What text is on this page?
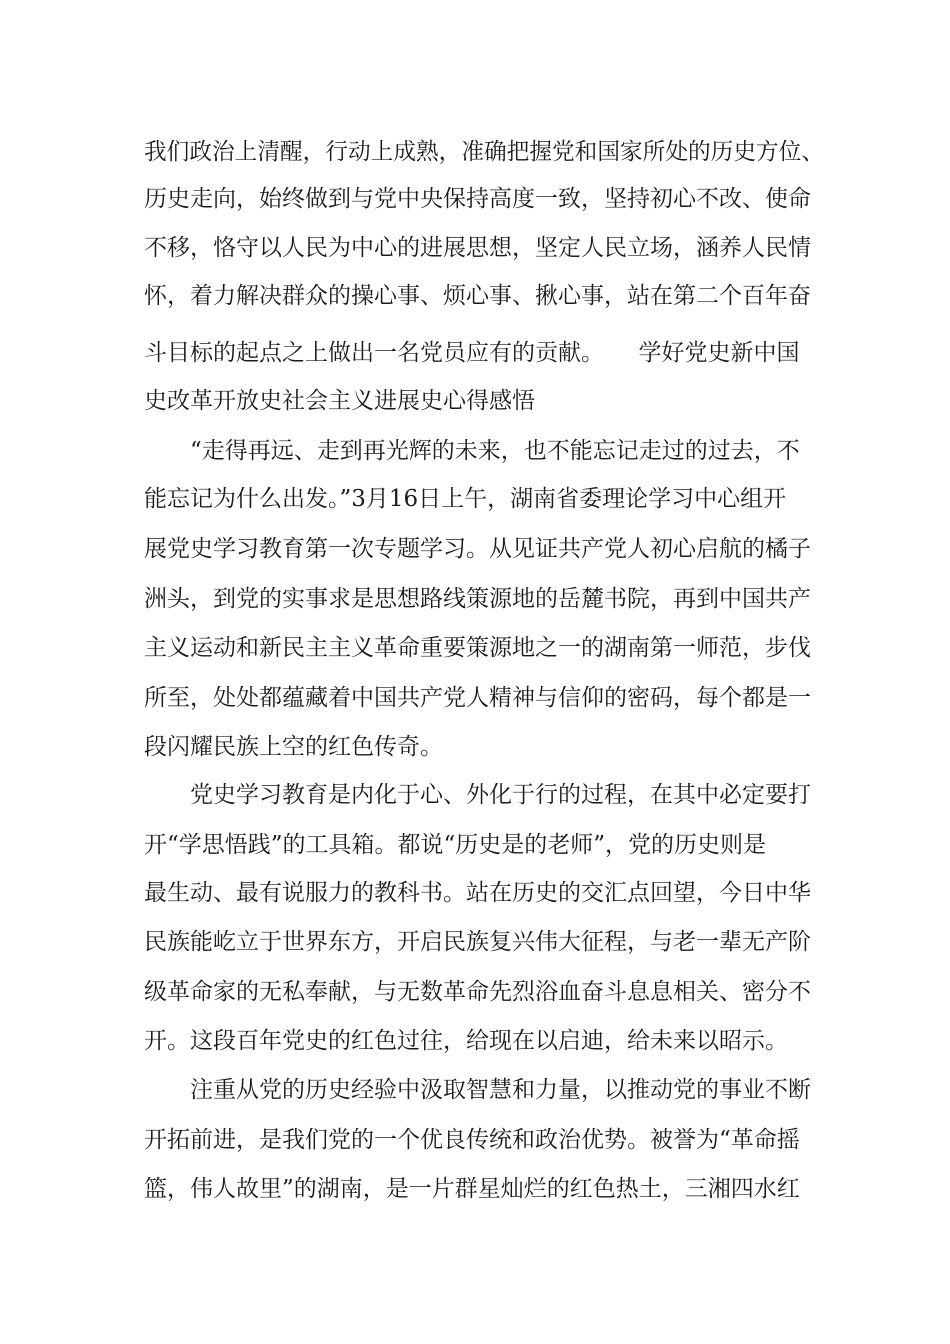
我们政治上清醒，行动上成熟，准确把握党和国家所处的历史方位、
历史走向，始终做到与党中央保持高度一致，坚持初心不改、使命
不移，恪守以人民为中心的进展思想，坚定人民立场，涵养人民情
怀，着力解决群众的操心事、烦心事、揪心事，站在第二个百年奋
斗目标的起点之上做出一名党员应有的贡献。　　学好党史新中国
史改革开放史社会主义进展史心得感悟
　　“走得再远、走到再光辉的未来，也不能忘记走过的过去，不
能忘记为什么出发。”3月16日上午，湖南省委理论学习中心组开
展党史学习教育第一次专题学习。从见证共产党人初心启航的橘子
洲头，到党的实事求是思想路线策源地的岳麓书院，再到中国共产
主义运动和新民主主义革命重要策源地之一的湖南第一师范，步伐
所至，处处都蕴藏着中国共产党人精神与信仰的密码，每个都是一
段闪耀民族上空的红色传奇。
　　党史学习教育是内化于心、外化于行的过程，在其中必定要打
开“学思悟践”的工具箱。都说“历史是的老师”，党的历史则是
最生动、最有说服力的教科书。站在历史的交汇点回望，今日中华
民族能屹立于世界东方，开启民族复兴伟大征程，与老一辈无产阶
级革命家的无私奉献，与无数革命先烈浴血奋斗息息相关、密分不
开。这段百年党史的红色过往，给现在以启迪，给未来以昭示。
　　注重从党的历史经验中汲取智慧和力量，以推动党的事业不断
开拓前进，是我们党的一个优良传统和政治优势。被誉为“革命摇
篮，伟人故里”的湖南，是一片群星灿烂的红色热土，三湘四水红
